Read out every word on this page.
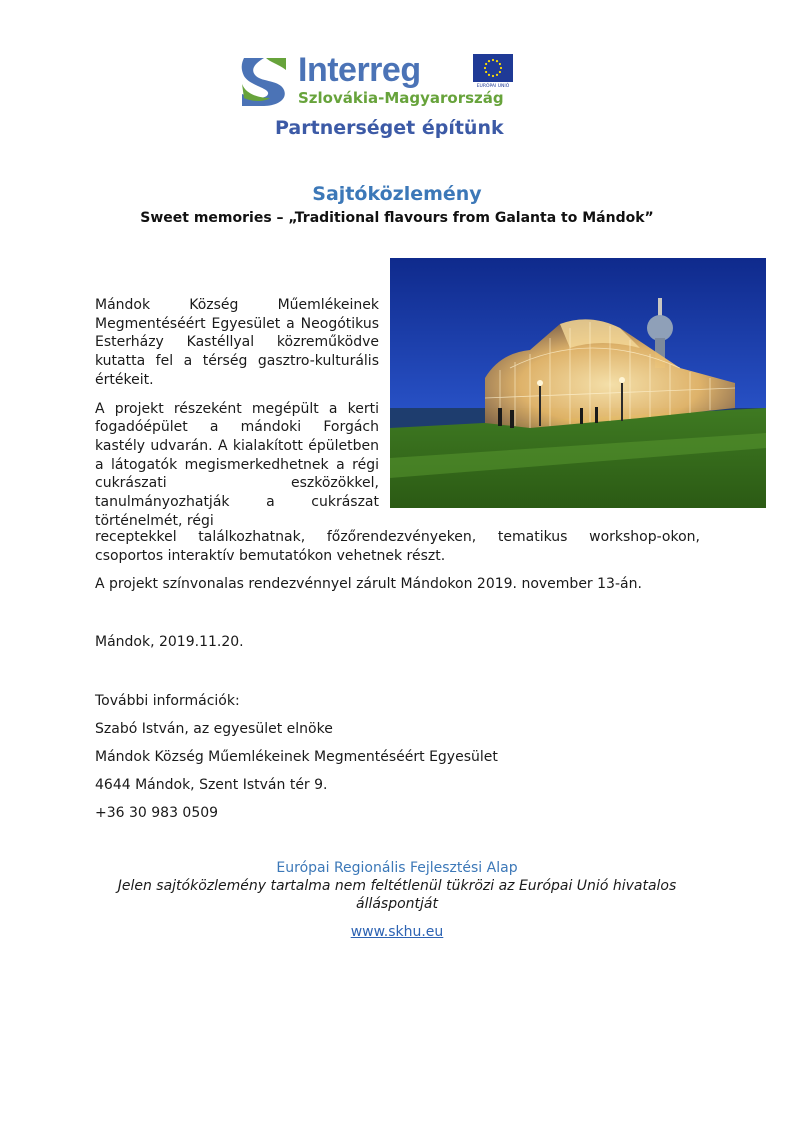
Interreg
Szlovákia-Magyarország
EURÓPAI UNIÓ
Partnerséget építünk
Sajtóközlemény
Sweet memories – „Traditional flavours from Galanta to Mándok”

Mándok Község Műemlékeinek Megmentéséért Egyesület a Neogótikus Esterházy Kastéllyal közreműködve kutatta fel a térség gasztro-kulturális értékeit.

A projekt részeként megépült a kerti fogadóépület a mándoki Forgách kastély udvarán. A kialakított épületben a látogatók megismerkedhetnek a régi cukrászati eszközökkel, tanulmányozhatják a cukrászat történelmét, régi

receptekkel találkozhatnak, főzőrendezvényeken, tematikus workshop-okon,
csoportos interaktív bemutatókon vehetnek részt.
A projekt színvonalas rendezvénnyel zárult Mándokon 2019. november 13-án.
Mándok, 2019.11.20.
További információk:
Szabó István, az egyesület elnöke
Mándok Község Műemlékeinek Megmentéséért Egyesület
4644 Mándok, Szent István tér 9.
+36 30 983 0509
Európai Regionális Fejlesztési Alap
Jelen sajtóközlemény tartalma nem feltétlenül tükrözi az Európai Unió hivatalos álláspontját
www.skhu.eu
